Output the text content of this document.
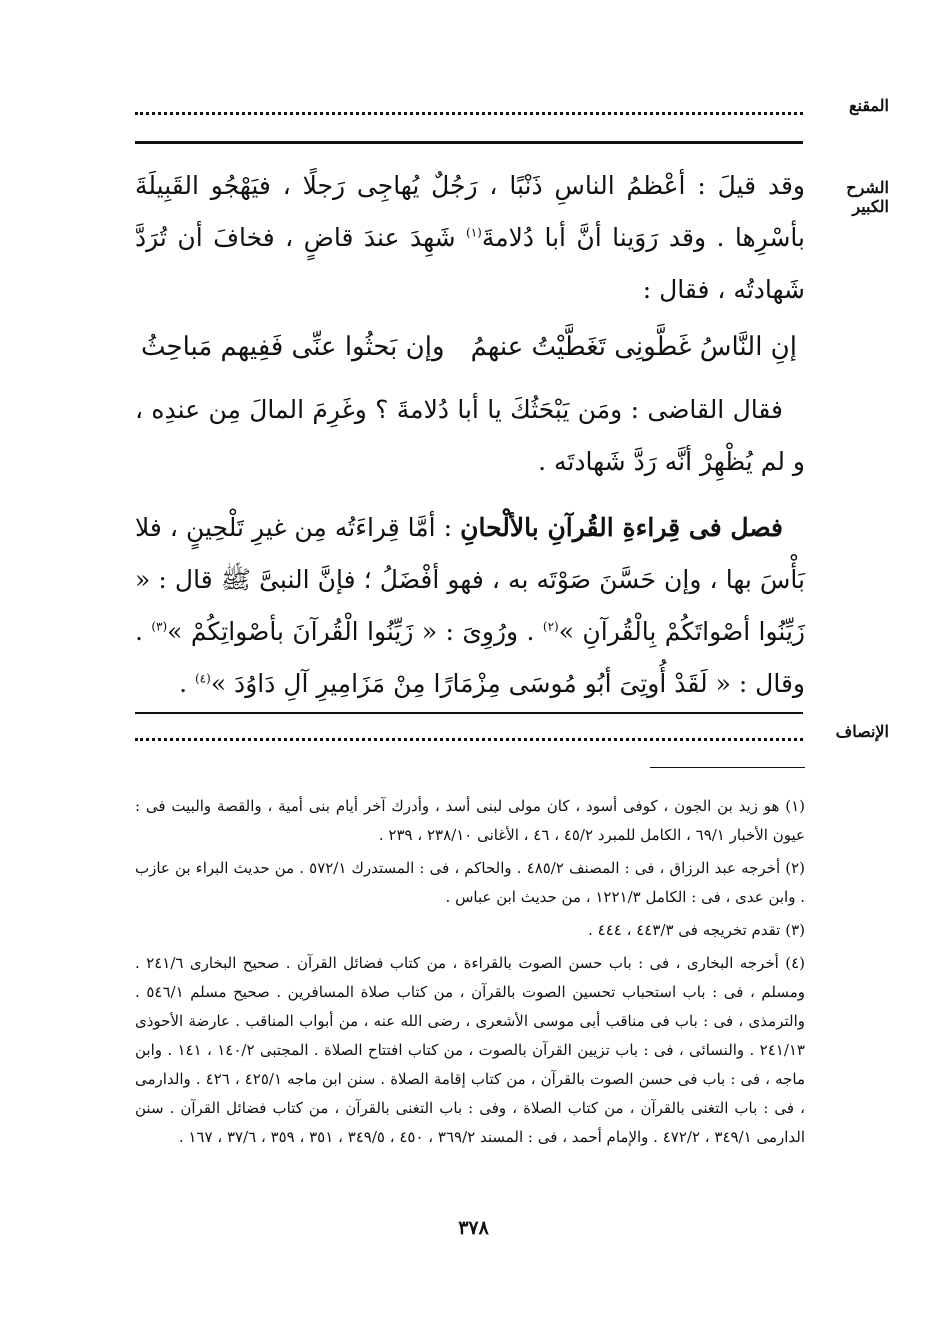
المقنع
الشرح الكبير

وقد قيلَ : أعْظمُ الناسِ ذَنْبًا ، رَجُلٌ يُهاجِى رَجلًا ، فيَهْجُو القَبِيلَةَ بأسْرِها . وقد رَوَينا أنَّ أبا دُلامةَ$^{(١)}$ شَهِدَ عندَ قاضٍ ، فخافَ أن تُرَدَّ شَهادتُه ، فقال :

إنِ النَّاسُ غَطَّونِى تَغَطَّيْتُ عنهمُ
وإن بَحثُوا عنِّى فَفِيهم مَباحِثُ

فقال القاضى : ومَن يَبْحَثُكَ يا أبا دُلامةَ ؟ وغَرِمَ المالَ مِن عندِه ، و لم يُظْهِرْ أنَّه رَدَّ شَهادتَه .

فصل فى قِراءةِ القُرآنِ بالألْحانِ : أمَّا قِراءَتُه مِن غيرِ تَلْحِينٍ ، فلا بَأْسَ بها ، وإن حَسَّنَ صَوْتَه به ، فهو أفْضَلُ ؛ فإنَّ النبىَّ ﷺ قال : « زَيِّنُوا أصْواتَكُمْ بِالْقُرآنِ »$^{(٢)}$ . ورُوِىَ : « زَيِّنُوا الْقُرآنَ بأصْواتِكُمْ »$^{(٣)}$ . وقال : « لَقَدْ أُوتِىَ أبُو مُوسَى مِزْمَارًا مِنْ مَزَامِيرِ آلِ دَاوُدَ »$^{(٤)}$ .

الإنصاف

(١) هو زيد بن الجون ، كوفى أسود ، كان مولى لبنى أسد ، وأدرك آخر أيام بنى أمية ، والقصة والبيت فى : عيون الأخبار ٦٩/١ ، الكامل للمبرد ٤٥/٢ ، ٤٦ ، الأغانى ٢٣٨/١٠ ، ٢٣٩ .

(٢) أخرجه عبد الرزاق ، فى : المصنف ٤٨٥/٢ . والحاكم ، فى : المستدرك ٥٧٢/١ . من حديث البراء بن عازب . وابن عدى ، فى : الكامل ١٢٢١/٣ ، من حديث ابن عباس .

(٣) تقدم تخريجه فى ٤٤٣/٣ ، ٤٤٤ .

(٤) أخرجه البخارى ، فى : باب حسن الصوت بالقراءة ، من كتاب فضائل القرآن . صحيح البخارى ٢٤١/٦ . ومسلم ، فى : باب استحباب تحسين الصوت بالقرآن ، من كتاب صلاة المسافرين . صحيح مسلم ٥٤٦/١ . والترمذى ، فى : باب فى مناقب أبى موسى الأشعرى ، رضى الله عنه ، من أبواب المناقب . عارضة الأحوذى ٢٤١/١٣ . والنسائى ، فى : باب تزيين القرآن بالصوت ، من كتاب افتتاح الصلاة . المجتبى ١٤٠/٢ ، ١٤١ . وابن ماجه ، فى : باب فى حسن الصوت بالقرآن ، من كتاب إقامة الصلاة . سنن ابن ماجه ٤٢٥/١ ، ٤٢٦ . والدارمى ، فى : باب التغنى بالقرآن ، من كتاب الصلاة ، وفى : باب التغنى بالقرآن ، من كتاب فضائل القرآن . سنن الدارمى ٣٤٩/١ ، ٤٧٢/٢ . والإمام أحمد ، فى : المسند ٣٦٩/٢ ، ٤٥٠ ، ٣٤٩/٥ ، ٣٥١ ، ٣٥٩ ، ٣٧/٦ ، ١٦٧ .

٣٧٨
